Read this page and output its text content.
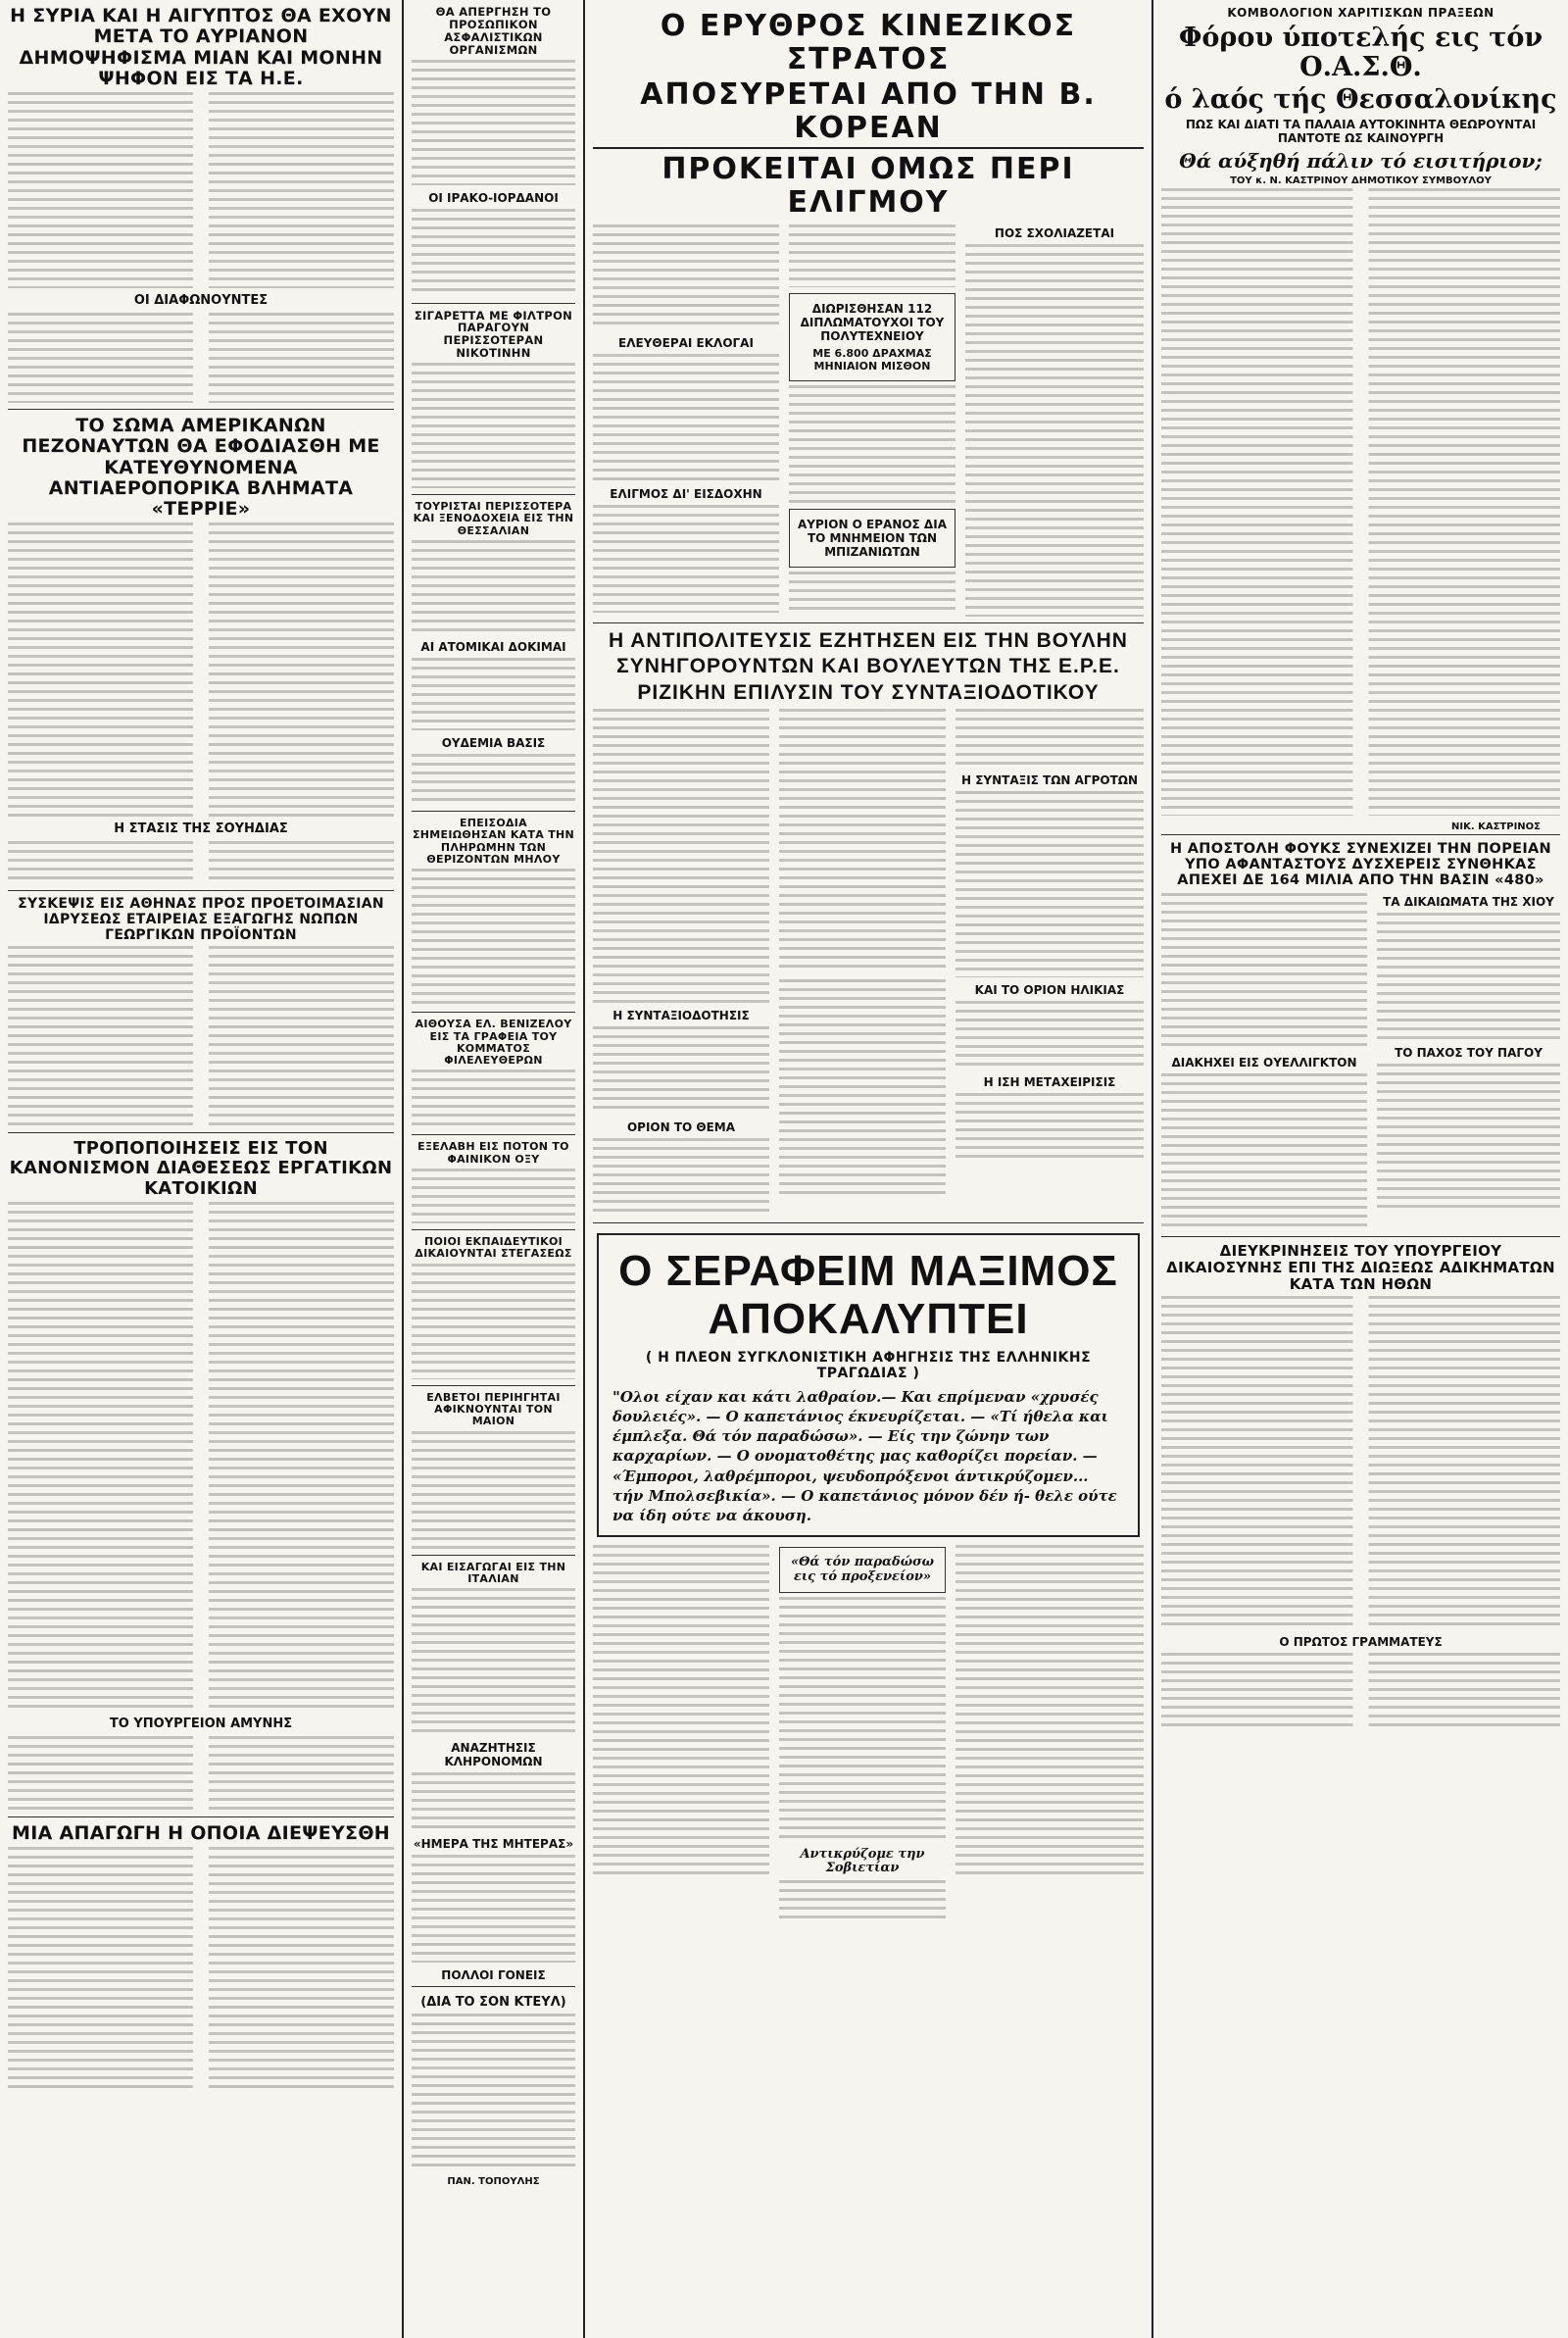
Η ΣΥΡΙΑ ΚΑΙ Η ΑΙΓΥΠΤΟΣ ΘΑ ΕΧΟΥΝ ΜΕΤΑ ΤΟ ΑΥΡΙΑΝΟΝ ΔΗΜΟΨΗΦΙΣΜΑ ΜΙΑΝ ΚΑΙ ΜΟΝΗΝ ΨΗΦΟΝ ΕΙΣ ΤΑ Η.Ε.
ΟΙ ΔΙΑΦΩΝΟΥΝΤΕΣ
ΤΟ ΣΩΜΑ ΑΜΕΡΙΚΑΝΩΝ ΠΕΖΟΝΑΥΤΩΝ ΘΑ ΕΦΟΔΙΑΣΘΗ ΜΕ ΚΑΤΕΥΘΥΝΟΜΕΝΑ ΑΝΤΙΑΕΡΟΠΟΡΙΚΑ ΒΛΗΜΑΤΑ «ΤΕΡΡΙΕ»
Η ΣΤΑΣΙΣ ΤΗΣ ΣΟΥΗΔΙΑΣ
ΣΥΣΚΕΨΙΣ ΕΙΣ ΑΘΗΝΑΣ ΠΡΟΣ ΠΡΟΕΤΟΙΜΑΣΙΑΝ ΙΔΡΥΣΕΩΣ ΕΤΑΙΡΕΙΑΣ ΕΞΑΓΩΓΗΣ ΝΩΠΩΝ ΓΕΩΡΓΙΚΩΝ ΠΡΟΪΟΝΤΩΝ
ΤΡΟΠΟΠΟΙΗΣΕΙΣ ΕΙΣ ΤΟΝ ΚΑΝΟΝΙΣΜΟΝ ΔΙΑΘΕΣΕΩΣ ΕΡΓΑΤΙΚΩΝ ΚΑΤΟΙΚΙΩΝ
ΤΟ ΥΠΟΥΡΓΕΙΟΝ ΑΜΥΝΗΣ
ΜΙΑ ΑΠΑΓΩΓΗ Η ΟΠΟΙΑ ΔΙΕΨΕΥΣΘΗ
ΘΑ ΑΠΕΡΓΗΣΗ ΤΟ ΠΡΟΣΩΠΙΚΟΝ ΑΣΦΑΛΙΣΤΙΚΩΝ ΟΡΓΑΝΙΣΜΩΝ
ΟΙ ΙΡΑΚΟ-ΙΟΡΔΑΝΟΙ
ΣΙΓΑΡΕΤΤΑ ΜΕ ΦΙΛΤΡΟΝ ΠΑΡΑΓΟΥΝ ΠΕΡΙΣΣΟΤΕΡΑΝ ΝΙΚΟΤΙΝΗΝ
ΤΟΥΡΙΣΤΑΙ ΠΕΡΙΣΣΟΤΕΡΑ ΚΑΙ ΞΕΝΟΔΟΧΕΙΑ ΕΙΣ ΤΗΝ ΘΕΣΣΑΛΙΑΝ
ΑΙ ΑΤΟΜΙΚΑΙ ΔΟΚΙΜΑΙ
ΟΥΔΕΜΙΑ ΒΑΣΙΣ
ΕΠΕΙΣΟΔΙΑ ΣΗΜΕΙΩΘΗΣΑΝ ΚΑΤΑ ΤΗΝ ΠΛΗΡΩΜΗΝ ΤΩΝ ΘΕΡΙΖΟΝΤΩΝ ΜΗΛΟΥ
ΑΙΘΟΥΣΑ ΕΛ. ΒΕΝΙΖΕΛΟΥ ΕΙΣ ΤΑ ΓΡΑΦΕΙΑ ΤΟΥ ΚΟΜΜΑΤΟΣ ΦΙΛΕΛΕΥΘΕΡΩΝ
ΕΞΕΛΑΒΗ ΕΙΣ ΠΟΤΟΝ ΤΟ ΦΑΙΝΙΚΟΝ ΟΞΥ
ΠΟΙΟΙ ΕΚΠΑΙΔΕΥΤΙΚΟΙ ΔΙΚΑΙΟΥΝΤΑΙ ΣΤΕΓΑΣΕΩΣ
ΕΛΒΕΤΟΙ ΠΕΡΙΗΓΗΤΑΙ ΑΦΙΚΝΟΥΝΤΑΙ ΤΟΝ ΜΑΙΟΝ
ΚΑΙ ΕΙΣΑΓΩΓΑΙ ΕΙΣ ΤΗΝ ΙΤΑΛΙΑΝ
ΑΝΑΖΗΤΗΣΙΣ ΚΛΗΡΟΝΟΜΩΝ
«ΗΜΕΡΑ ΤΗΣ ΜΗΤΕΡΑΣ»
ΠΟΛΛΟΙ ΓΟΝΕΙΣ
(ΔΙΑ ΤΟ ΣΟΝ ΚΤΕΥΛ)
ΠΑΝ. ΤΟΠΟΥΛΗΣ
Ο ΕΡΥΘΡΟΣ ΚΙΝΕΖΙΚΟΣ ΣΤΡΑΤΟΣ
ΑΠΟΣΥΡΕΤΑΙ ΑΠΟ ΤΗΝ Β. ΚΟΡΕΑΝ
ΠΡΟΚΕΙΤΑΙ ΟΜΩΣ ΠΕΡΙ ΕΛΙΓΜΟΥ
ΕΛΕΥΘΕΡΑΙ ΕΚΛΟΓΑΙ
ΕΛΙΓΜΟΣ ΔΙ' ΕΙΣΔΟΧΗΝ
ΔΙΩΡΙΣΘΗΣΑΝ 112 ΔΙΠΛΩΜΑΤΟΥΧΟΙ ΤΟΥ ΠΟΛΥΤΕΧΝΕΙΟΥ
ΜΕ 6.800 ΔΡΑΧΜΑΣ ΜΗΝΙΑΙΟΝ ΜΙΣΘΟΝ
ΑΥΡΙΟΝ Ο ΕΡΑΝΟΣ ΔΙΑ ΤΟ ΜΝΗΜΕΙΟΝ ΤΩΝ ΜΠΙΖΑΝΙΩΤΩΝ
ΠΟΣ ΣΧΟΛΙΑΖΕΤΑΙ
Η ΑΝΤΙΠΟΛΙΤΕΥΣΙΣ ΕΖΗΤΗΣΕΝ ΕΙΣ ΤΗΝ ΒΟΥΛΗΝ
ΣΥΝΗΓΟΡΟΥΝΤΩΝ ΚΑΙ ΒΟΥΛΕΥΤΩΝ ΤΗΣ Ε.Ρ.Ε.
ΡΙΖΙΚΗΝ ΕΠΙΛΥΣΙΝ ΤΟΥ ΣΥΝΤΑΞΙΟΔΟΤΙΚΟΥ
Η ΣΥΝΤΑΞΙΟΔΟΤΗΣΙΣ
ΟΡΙΟΝ ΤΟ ΘΕΜΑ
Η ΣΥΝΤΑΞΙΣ ΤΩΝ ΑΓΡΟΤΩΝ
ΚΑΙ ΤΟ ΟΡΙΟΝ ΗΛΙΚΙΑΣ
Η ΙΣΗ ΜΕΤΑΧΕΙΡΙΣΙΣ
Ο ΣΕΡΑΦΕΙΜ ΜΑΞΙΜΟΣ ΑΠΟΚΑΛΥΠΤΕΙ
( Η ΠΛΕΟΝ ΣΥΓΚΛΟΝΙΣΤΙΚΗ ΑΦΗΓΗΣΙΣ ΤΗΣ ΕΛΛΗΝΙΚΗΣ ΤΡΑΓΩΔΙΑΣ )
"Ολοι είχαν και κάτι λαθραίον.— Και επρίμεναν «χρυσές δουλειές». — Ο καπετάνιος έκνευρίζεται. — «Τί ήθελα και έμπλεξα. Θά τόν παραδώσω». — Είς την ζώνην των καρχαρίων. — Ο ονοματοθέτης μας καθορίζει πορείαν. — «Έμποροι, λαθρέμποροι, ψευδοπρόξενοι άντικρύζομεν... τήν Μπολσεβικία». — Ο καπετάνιος μόνον δέν ή- θελε ούτε να ίδη ούτε να άκουση.
«Θά τόν παραδώσω εις τό προξενείον»
Αντικρύζομε την Σοβιετίαν
ΚΟΜΒΟΛΟΓΙΟΝ ΧΑΡΙΤΙΣΚΩΝ ΠΡΑΞΕΩΝ
Φόρου ύποτελής εις τόν Ο.Α.Σ.Θ.
ό λαός τής Θεσσαλονίκης
ΠΩΣ ΚΑΙ ΔΙΑΤΙ ΤΑ ΠΑΛΑΙΑ ΑΥΤΟΚΙΝΗΤΑ ΘΕΩΡΟΥΝΤΑΙ ΠΑΝΤΟΤΕ ΩΣ ΚΑΙΝΟΥΡΓΗ
Θά αύξηθή πάλιν τό εισιτήριον;
ΤΟΥ κ. Ν. ΚΑΣΤΡΙΝΟΥ ΔΗΜΟΤΙΚΟΥ ΣΥΜΒΟΥΛΟΥ
ΝΙΚ. ΚΑΣΤΡΙΝΟΣ
Η ΑΠΟΣΤΟΛΗ ΦΟΥΚΣ ΣΥΝΕΧΙΖΕΙ ΤΗΝ ΠΟΡΕΙΑΝ ΥΠΟ ΑΦΑΝΤΑΣΤΟΥΣ ΔΥΣΧΕΡΕΙΣ ΣΥΝΘΗΚΑΣ ΑΠΕΧΕΙ ΔΕ 164 ΜΙΛΙΑ ΑΠΟ ΤΗΝ ΒΑΣΙΝ «480»
ΔΙΑΚΗΧΕΙ ΕΙΣ ΟΥΕΛΛΙΓΚΤΟΝ
ΤΑ ΔΙΚΑΙΩΜΑΤΑ ΤΗΣ ΧΙΟΥ
ΤΟ ΠΑΧΟΣ ΤΟΥ ΠΑΓΟΥ
ΔΙΕΥΚΡΙΝΗΣΕΙΣ ΤΟΥ ΥΠΟΥΡΓΕΙΟΥ ΔΙΚΑΙΟΣΥΝΗΣ ΕΠΙ ΤΗΣ ΔΙΩΞΕΩΣ ΑΔΙΚΗΜΑΤΩΝ ΚΑΤΑ ΤΩΝ ΗΘΩΝ
Ο ΠΡΩΤΟΣ ΓΡΑΜΜΑΤΕΥΣ
